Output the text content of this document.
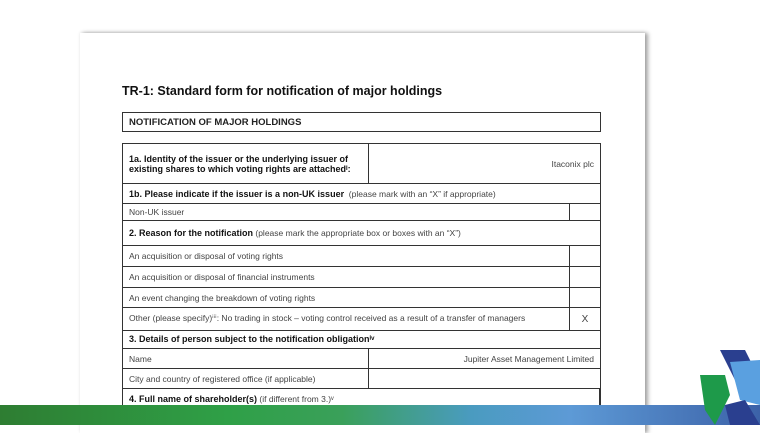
TR-1: Standard form for notification of major holdings
NOTIFICATION OF MAJOR HOLDINGS
1a. Identity of the issuer or the underlying issuer of existing shares to which voting rights are attachedᴵ:	Itaconix plc
1b. Please indicate if the issuer is a non-UK issuer (please mark with an “X” if appropriate)
Non-UK issuer
2. Reason for the notification (please mark the appropriate box or boxes with an “X”)
An acquisition or disposal of voting rights
An acquisition or disposal of financial instruments
An event changing the breakdown of voting rights
Other (please specify)ⁱⁱⁱ: No trading in stock – voting control received as a result of a transfer of managers	X
3. Details of person subject to the notification obligationⁱᵛ
Name	Jupiter Asset Management Limited
City and country of registered office (if applicable)
4. Full name of shareholder(s) (if different from 3.)ᵛ
